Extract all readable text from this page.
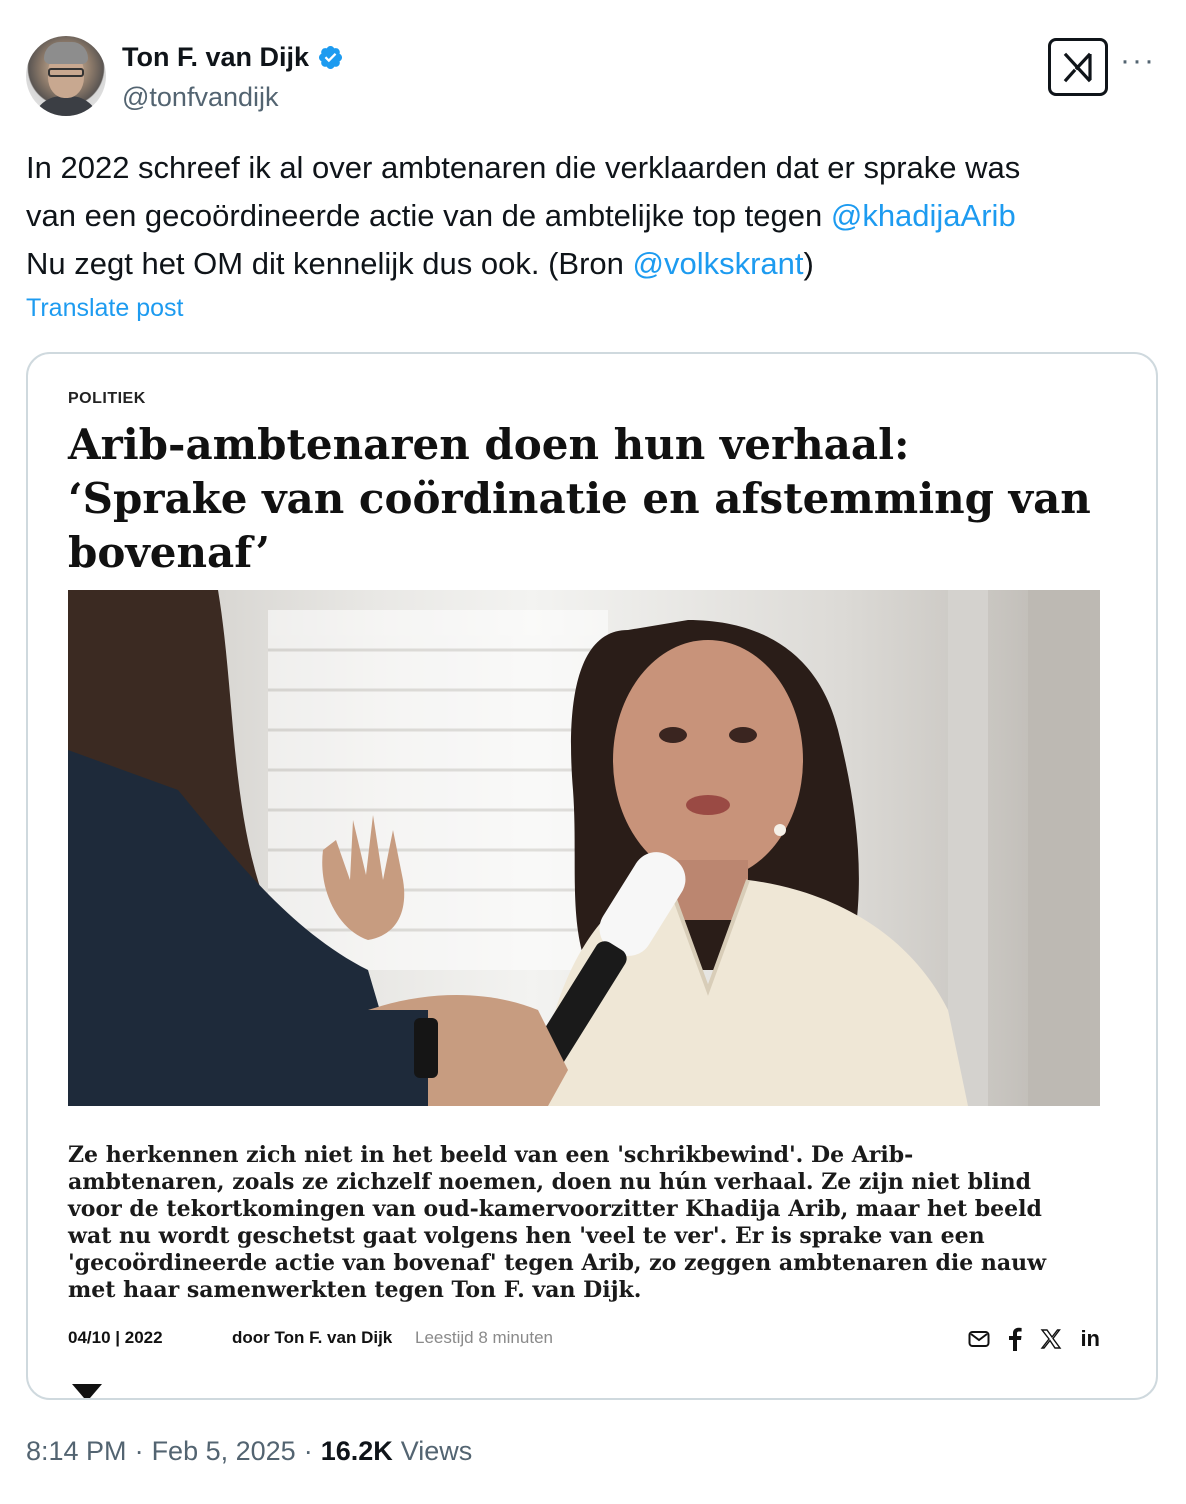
Ton F. van Dijk
@tonfvandijk
···
In 2022 schreef ik al over ambtenaren die verklaarden dat er sprake was
van een gecoördineerde actie van de ambtelijke top tegen @khadijaArib
Nu zegt het OM dit kennelijk dus ook. (Bron @volkskrant)
Translate post
POLITIEK
Arib-ambtenaren doen hun verhaal:
‘Sprake van coördinatie en afstemming van
bovenaf’
Ze herkennen zich niet in het beeld van een 'schrikbewind'. De Arib-
ambtenaren, zoals ze zichzelf noemen, doen nu hún verhaal. Ze zijn niet blind
voor de tekortkomingen van oud-kamervoorzitter Khadija Arib, maar het beeld
wat nu wordt geschetst gaat volgens hen 'veel te ver'. Er is sprake van een
'gecoördineerde actie van bovenaf' tegen Arib, zo zeggen ambtenaren die nauw
met haar samenwerkten tegen Ton F. van Dijk.
04/10 | 2022	door Ton F. van Dijk Leestijd 8 minuten	in
8:14 PM · Feb 5, 2025 · 16.2K Views
